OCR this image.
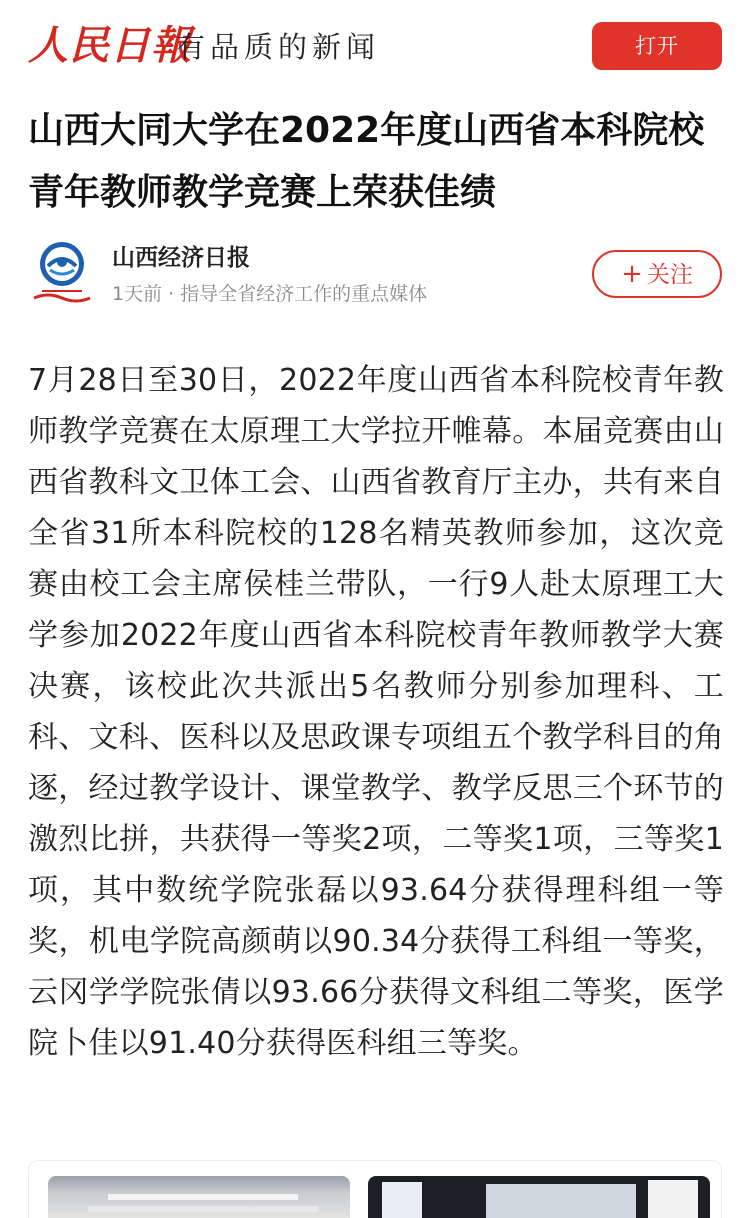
人民日報
有品质的新闻	打开
山西大同大学在2022年度山西省本科院校青年教师教学竞赛上荣获佳绩
山西经济日报
1天前 · 指导全省经济工作的重点媒体
+ 关注
7月28日至30日，2022年度山西省本科院校青年教师教学竞赛在太原理工大学拉开帷幕。本届竞赛由山西省教科文卫体工会、山西省教育厅主办，共有来自全省31所本科院校的128名精英教师参加，这次竞赛由校工会主席侯桂兰带队，一行9人赴太原理工大学参加2022年度山西省本科院校青年教师教学大赛决赛，该校此次共派出5名教师分别参加理科、工科、文科、医科以及思政课专项组五个教学科目的角逐，经过教学设计、课堂教学、教学反思三个环节的激烈比拼，共获得一等奖2项，二等奖1项，三等奖1项，其中数统学院张磊以93.64分获得理科组一等奖，机电学院高颜萌以90.34分获得工科组一等奖，云冈学学院张倩以93.66分获得文科组二等奖，医学院卜佳以91.40分获得医科组三等奖。
